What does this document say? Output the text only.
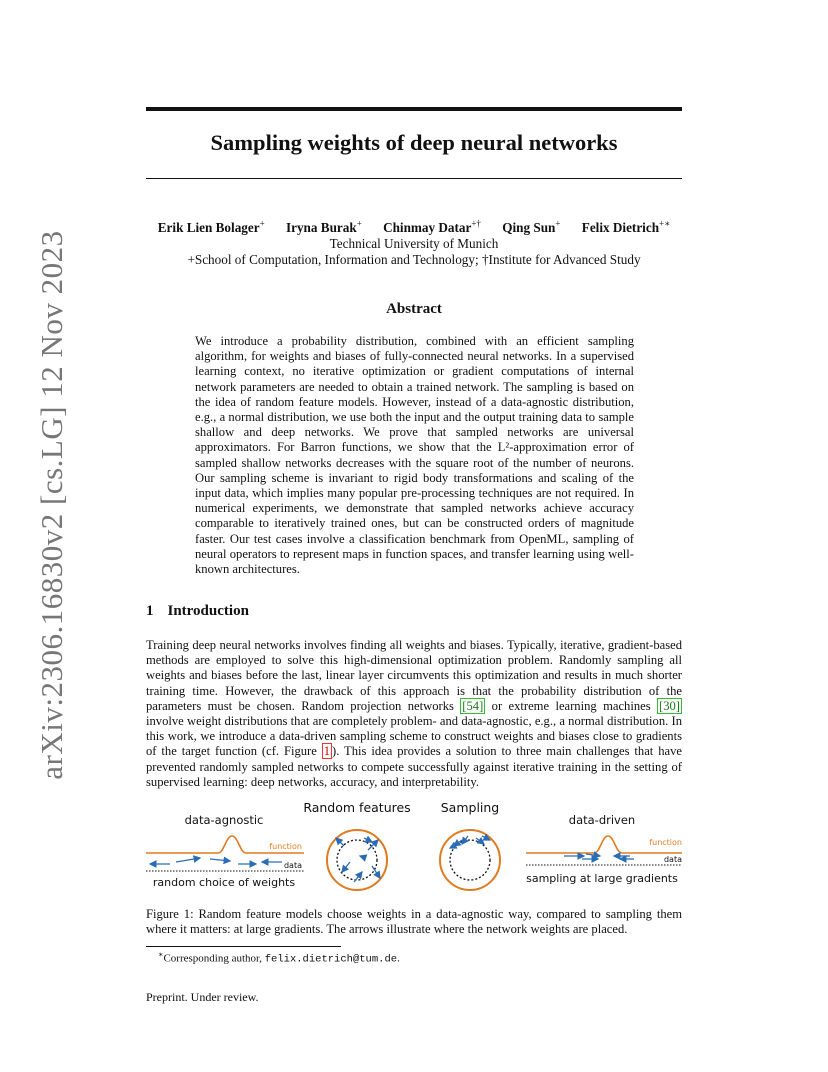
arXiv:2306.16830v2 [cs.LG] 12 Nov 2023
Sampling weights of deep neural networks
Erik Lien Bolager+ Iryna Burak+ Chinmay Datar+† Qing Sun+ Felix Dietrich+∗
Technical University of Munich
+School of Computation, Information and Technology; †Institute for Advanced Study
Abstract
We introduce a probability distribution, combined with an efficient sampling algorithm, for weights and biases of fully-connected neural networks. In a supervised learning context, no iterative optimization or gradient computations of internal network parameters are needed to obtain a trained network. The sampling is based on the idea of random feature models. However, instead of a data-agnostic distribution, e.g., a normal distribution, we use both the input and the output training data to sample shallow and deep networks. We prove that sampled networks are universal approximators. For Barron functions, we show that the L²-approximation error of sampled shallow networks decreases with the square root of the number of neurons. Our sampling scheme is invariant to rigid body transformations and scaling of the input data, which implies many popular pre-processing techniques are not required. In numerical experiments, we demonstrate that sampled networks achieve accuracy comparable to iteratively trained ones, but can be constructed orders of magnitude faster. Our test cases involve a classification benchmark from OpenML, sampling of neural operators to represent maps in function spaces, and transfer learning using well-known architectures.
1 Introduction
Training deep neural networks involves finding all weights and biases. Typically, iterative, gradient-based methods are employed to solve this high-dimensional optimization problem. Randomly sampling all weights and biases before the last, linear layer circumvents this optimization and results in much shorter training time. However, the drawback of this approach is that the probability distribution of the parameters must be chosen. Random projection networks [54] or extreme learning machines [30] involve weight distributions that are completely problem- and data-agnostic, e.g., a normal distribution. In this work, we introduce a data-driven sampling scheme to construct weights and biases close to gradients of the target function (cf. Figure 1 ). This idea provides a solution to three main challenges that have prevented randomly sampled networks to compete successfully against iterative training in the setting of supervised learning: deep networks, accuracy, and interpretability.
data-agnostic
function
data
random choice of weights
Random features Sampling
data-driven
function
data
sampling at large gradients
Figure 1: Random feature models choose weights in a data-agnostic way, compared to sampling them where it matters: at large gradients. The arrows illustrate where the network weights are placed.
∗Corresponding author, felix.dietrich@tum.de.
Preprint. Under review.
